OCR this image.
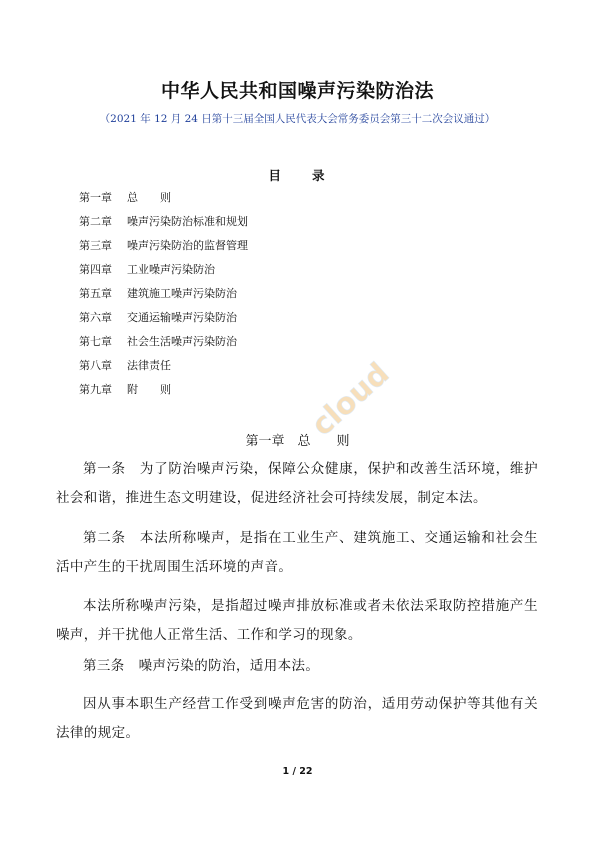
中华人民共和国噪声污染防治法
（2021 年 12 月 24 日第十三届全国人民代表大会常务委员会第三十二次会议通过）
目　　录
第一章 总　　则
第二章 噪声污染防治标准和规划
第三章 噪声污染防治的监督管理
第四章 工业噪声污染防治
第五章 建筑施工噪声污染防治
第六章 交通运输噪声污染防治
第七章 社会生活噪声污染防治
第八章 法律责任
第九章 附　　则	cloud
第一章　总　　则
第一条　为了防治噪声污染，保障公众健康，保护和改善生活环境，维护社会和谐，推进生态文明建设，促进经济社会可持续发展，制定本法。
第二条　本法所称噪声，是指在工业生产、建筑施工、交通运输和社会生活中产生的干扰周围生活环境的声音。
本法所称噪声污染，是指超过噪声排放标准或者未依法采取防控措施产生噪声，并干扰他人正常生活、工作和学习的现象。
第三条　噪声污染的防治，适用本法。
因从事本职生产经营工作受到噪声危害的防治，适用劳动保护等其他有关法律的规定。
1 / 22
